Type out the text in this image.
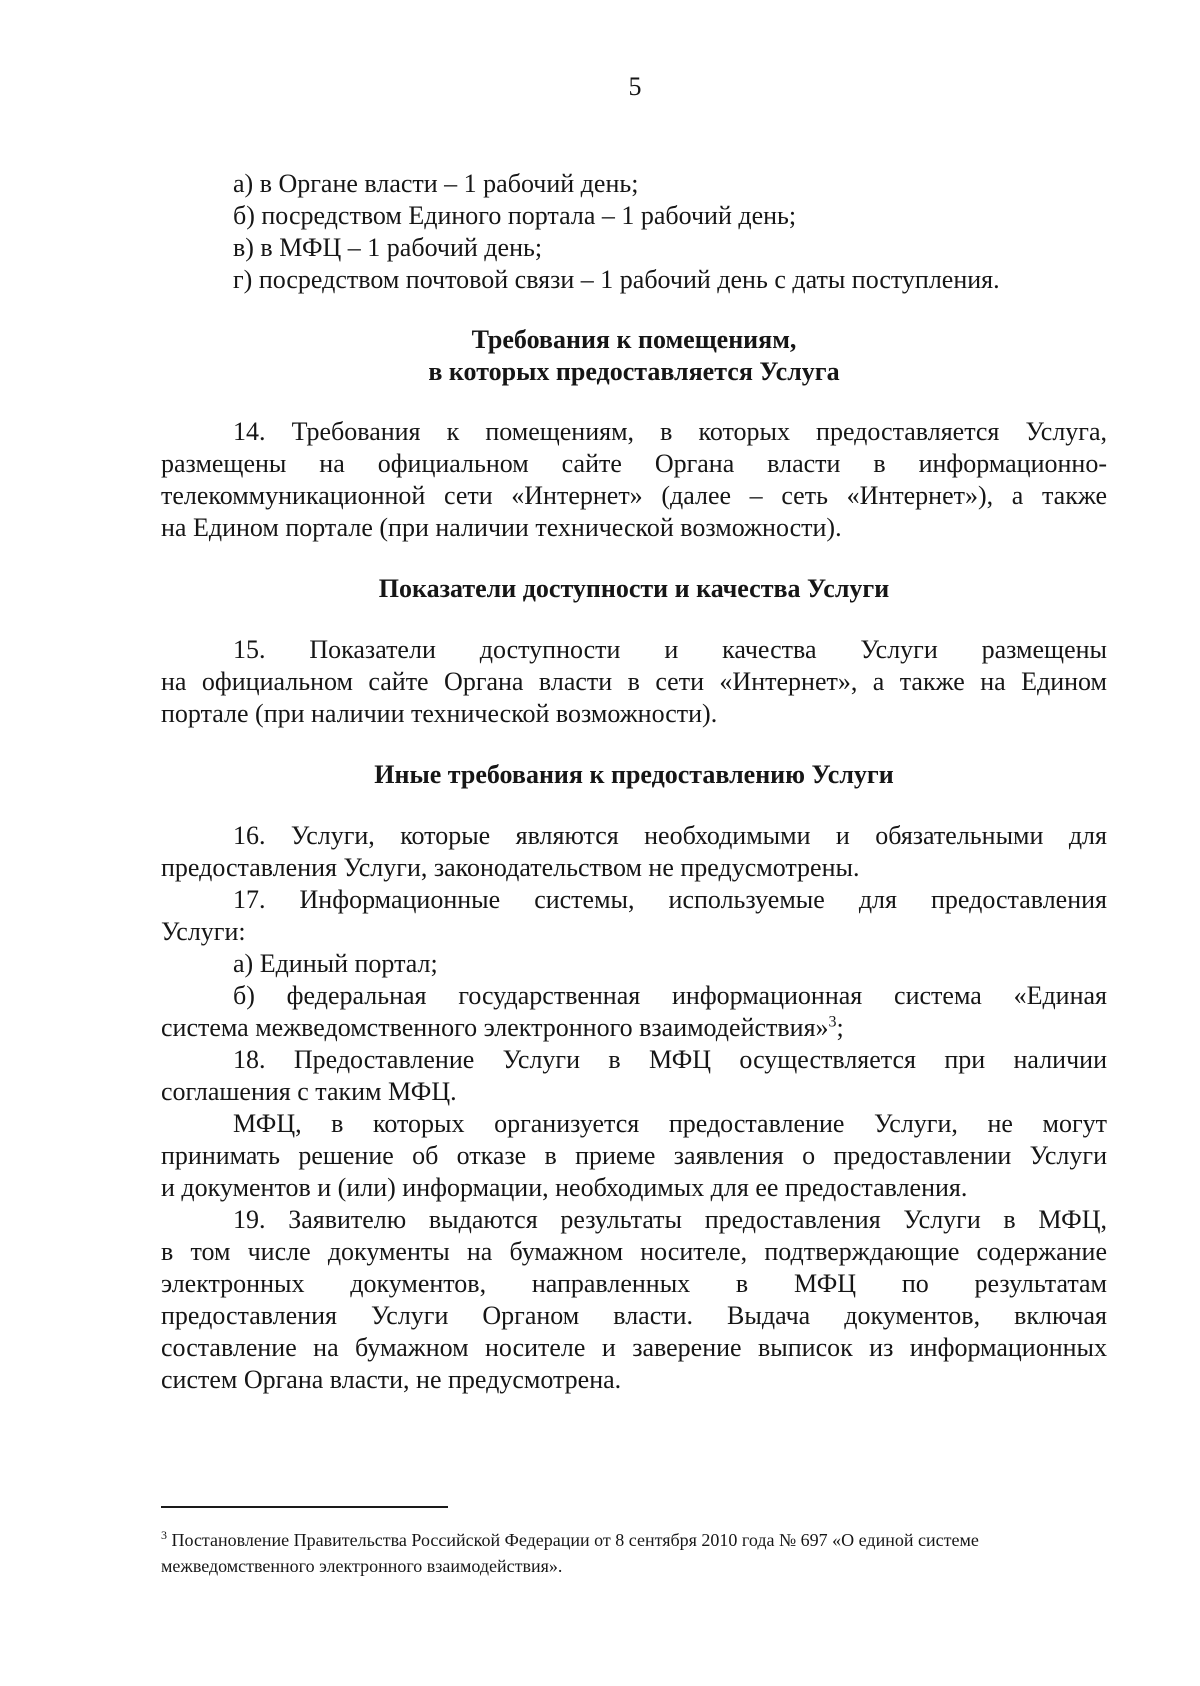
5

а) в Органе власти – 1 рабочий день;

б) посредством Единого портала – 1 рабочий день;

в) в МФЦ – 1 рабочий день;

г) посредством почтовой связи – 1 рабочий день с даты поступления.

Требования к помещениям,

в которых предоставляется Услуга

14. Требования к помещениям, в которых предоставляется Услуга,

размещены на официальном сайте Органа власти в информационно-

телекоммуникационной сети «Интернет» (далее – сеть «Интернет»), а также

на Едином портале (при наличии технической возможности).

Показатели доступности и качества Услуги

15. Показатели доступности и качества Услуги размещены

на официальном сайте Органа власти в сети «Интернет», а также на Едином

портале (при наличии технической возможности).

Иные требования к предоставлению Услуги

16. Услуги, которые являются необходимыми и обязательными для

предоставления Услуги, законодательством не предусмотрены.

17. Информационные системы, используемые для предоставления

Услуги:

а) Единый портал;

б) федеральная государственная информационная система «Единая

система межведомственного электронного взаимодействия»$^3$;

18. Предоставление Услуги в МФЦ осуществляется при наличии

соглашения с таким МФЦ.

МФЦ, в которых организуется предоставление Услуги, не могут

принимать решение об отказе в приеме заявления о предоставлении Услуги

и документов и (или) информации, необходимых для ее предоставления.

19. Заявителю выдаются результаты предоставления Услуги в МФЦ,

в том числе документы на бумажном носителе, подтверждающие содержание

электронных документов, направленных в МФЦ по результатам

предоставления Услуги Органом власти. Выдача документов, включая

составление на бумажном носителе и заверение выписок из информационных

систем Органа власти, не предусмотрена.

$^3$ Постановление Правительства Российской Федерации от 8 сентября 2010 года № 697 «О единой системе

межведомственного электронного взаимодействия».
